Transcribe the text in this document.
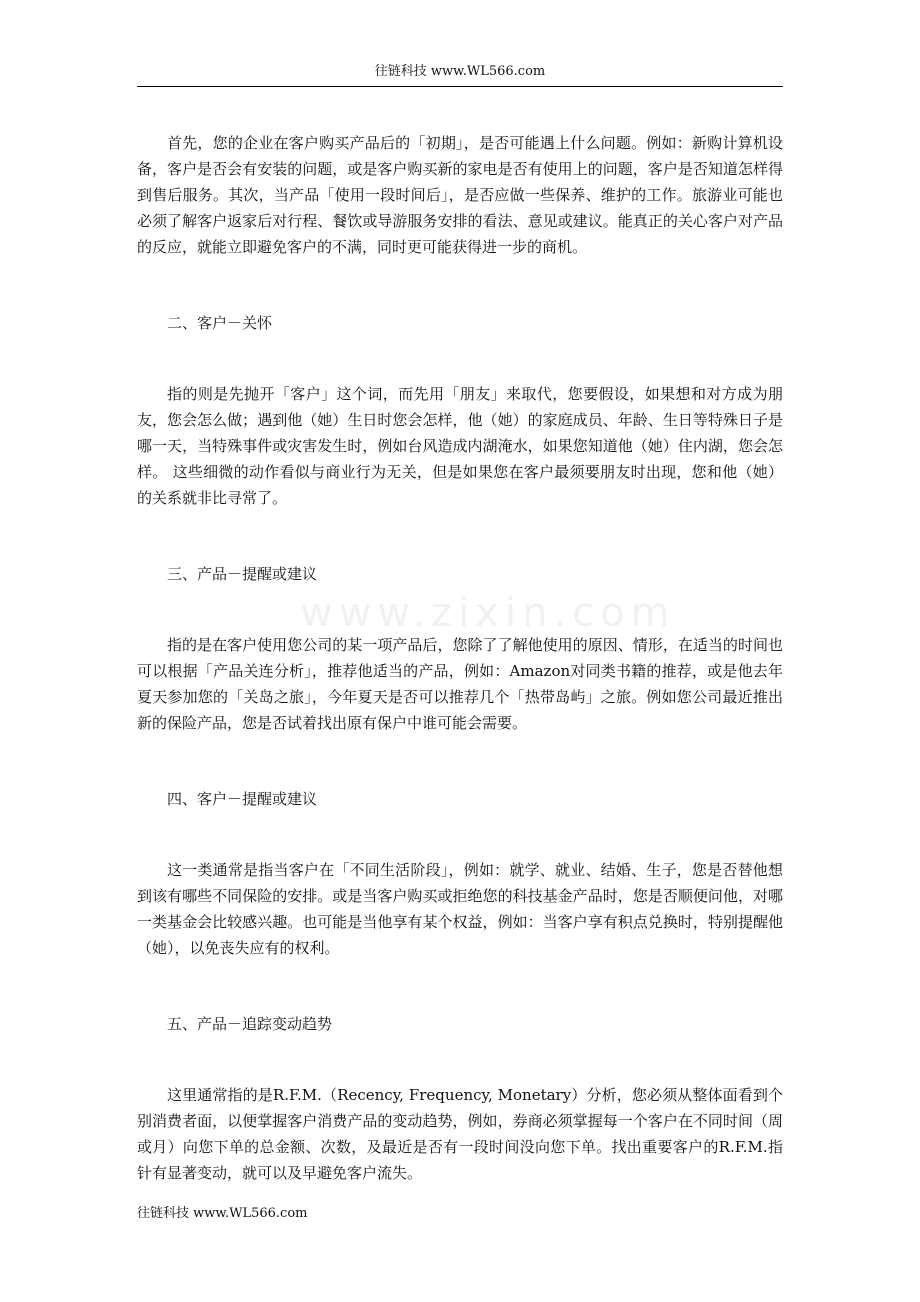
往链科技 www.WL566.com
www.zixin.com

首先，您的企业在客户购买产品后的「初期」，是否可能遇上什么问题。例如：新购计算机设备，客户是否会有安装的问题，或是客户购买新的家电是否有使用上的问题，客户是否知道怎样得到售后服务。其次，当产品「使用一段时间后」，是否应做一些保养、维护的工作。旅游业可能也必须了解客户返家后对行程、餐饮或导游服务安排的看法、意见或建议。能真正的关心客户对产品的反应，就能立即避免客户的不满，同时更可能获得进一步的商机。

二、客户－关怀

指的则是先抛开「客户」这个词，而先用「朋友」来取代，您要假设，如果想和对方成为朋友，您会怎么做；遇到他（她）生日时您会怎样，他（她）的家庭成员、年龄、生日等特殊日子是哪一天，当特殊事件或灾害发生时，例如台风造成内湖淹水，如果您知道他（她）住内湖，您会怎样。 这些细微的动作看似与商业行为无关，但是如果您在客户最须要朋友时出现，您和他（她）的关系就非比寻常了。

三、产品－提醒或建议

指的是在客户使用您公司的某一项产品后，您除了了解他使用的原因、情形，在适当的时间也可以根据「产品关连分析」，推荐他适当的产品，例如：Amazon对同类书籍的推荐，或是他去年夏天参加您的「关岛之旅」，今年夏天是否可以推荐几个「热带岛屿」之旅。例如您公司最近推出新的保险产品，您是否试着找出原有保户中谁可能会需要。

四、客户－提醒或建议

这一类通常是指当客户在「不同生活阶段」，例如：就学、就业、结婚、生子，您是否替他想到该有哪些不同保险的安排。或是当客户购买或拒绝您的科技基金产品时，您是否顺便问他，对哪一类基金会比较感兴趣。也可能是当他享有某个权益，例如：当客户享有积点兑换时，特别提醒他（她），以免丧失应有的权利。

五、产品－追踪变动趋势

这里通常指的是R.F.M.（Recency, Frequency, Monetary）分析，您必须从整体面看到个别消费者面，以便掌握客户消费产品的变动趋势，例如，券商必须掌握每一个客户在不同时间（周或月）向您下单的总金额、次数，及最近是否有一段时间没向您下单。找出重要客户的R.F.M.指针有显著变动，就可以及早避免客户流失。

往链科技 www.WL566.com
